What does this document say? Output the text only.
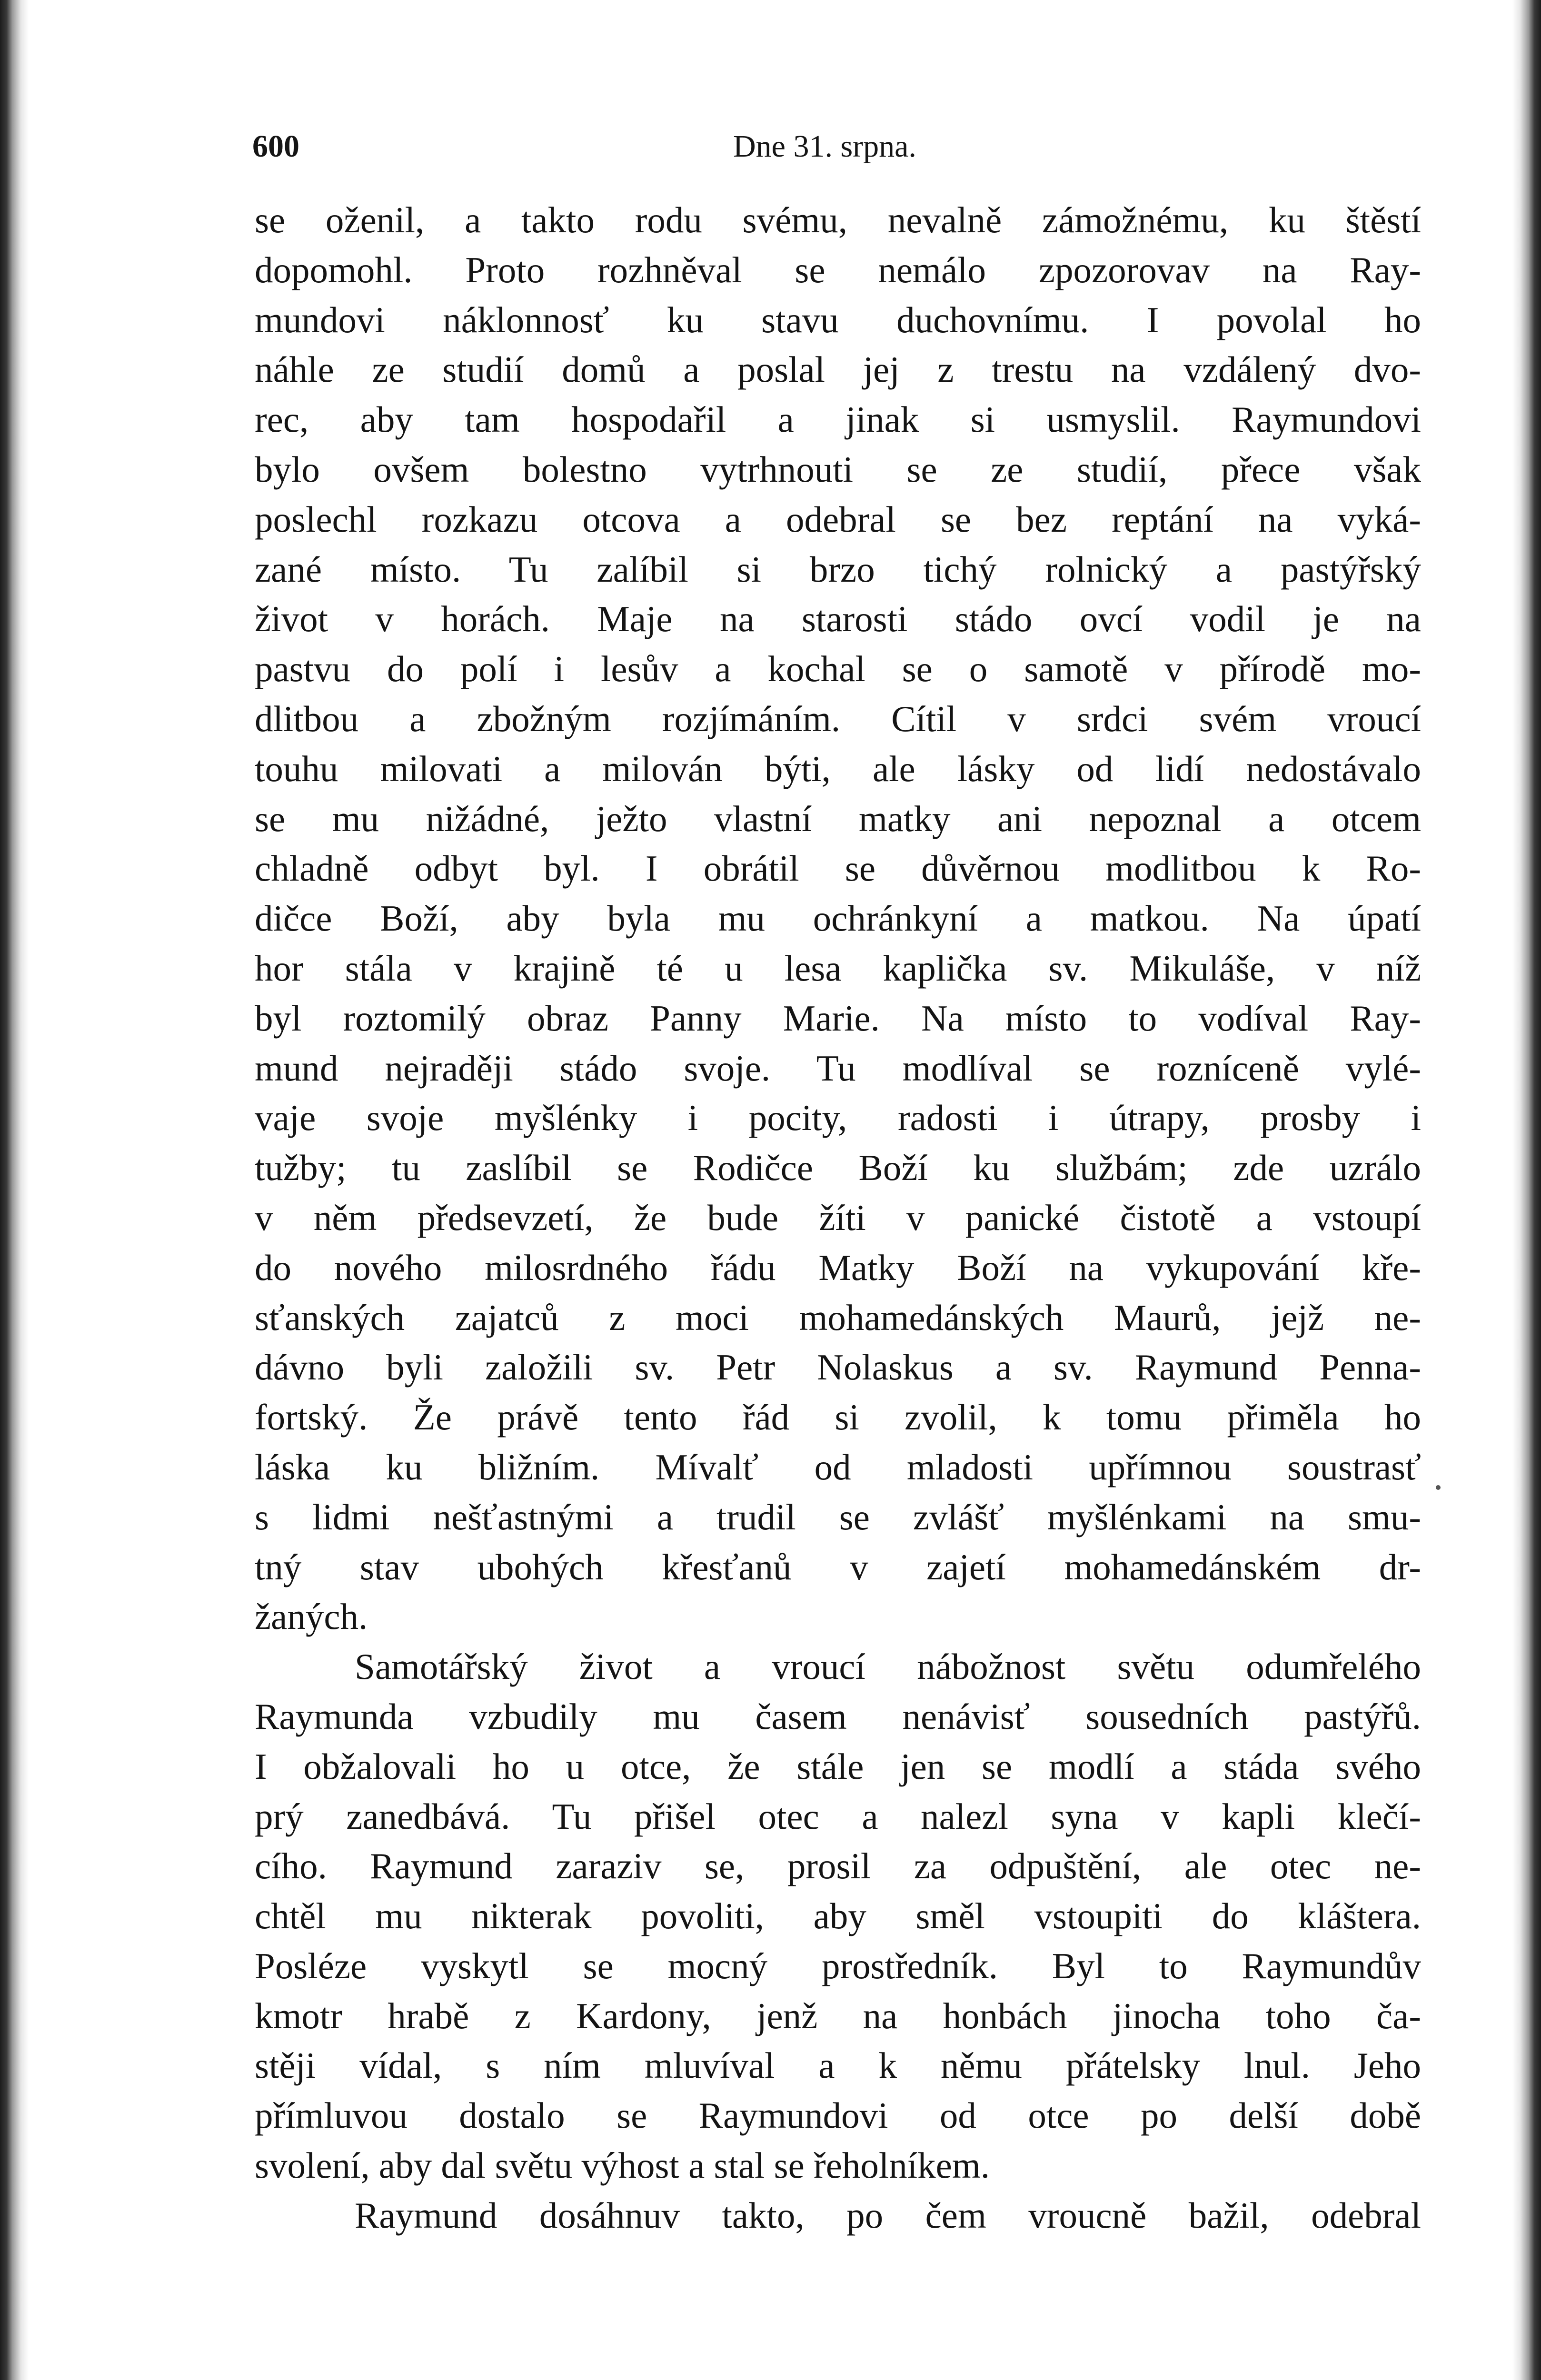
600	Dne 31. srpna.
se oženil, a takto rodu svému, nevalně zámožnému, ku štěstí
dopomohl. Proto rozhněval se nemálo zpozorovav na Ray-
mundovi náklonnosť ku stavu duchovnímu. I povolal ho
náhle ze studií domů a poslal jej z trestu na vzdálený dvo-
rec, aby tam hospodařil a jinak si usmyslil. Raymundovi
bylo ovšem bolestno vytrhnouti se ze studií, přece však
poslechl rozkazu otcova a odebral se bez reptání na vyká-
zané místo. Tu zalíbil si brzo tichý rolnický a pastýřský
život v horách. Maje na starosti stádo ovcí vodil je na
pastvu do polí i lesův a kochal se o samotě v přírodě mo-
dlitbou a zbožným rozjímáním. Cítil v srdci svém vroucí
touhu milovati a milován býti, ale lásky od lidí nedostávalo
se mu nižádné, ježto vlastní matky ani nepoznal a otcem
chladně odbyt byl. I obrátil se důvěrnou modlitbou k Ro-
dičce Boží, aby byla mu ochránkyní a matkou. Na úpatí
hor stála v krajině té u lesa kaplička sv. Mikuláše, v níž
byl roztomilý obraz Panny Marie. Na místo to vodíval Ray-
mund nejraději stádo svoje. Tu modlíval se rozníceně vylé-
vaje svoje myšlénky i pocity, radosti i útrapy, prosby i
tužby; tu zaslíbil se Rodičce Boží ku službám; zde uzrálo
v něm předsevzetí, že bude žíti v panické čistotě a vstoupí
do nového milosrdného řádu Matky Boží na vykupování kře-
sťanských zajatců z moci mohamedánských Maurů, jejž ne-
dávno byli založili sv. Petr Nolaskus a sv. Raymund Penna-
fortský. Že právě tento řád si zvolil, k tomu přiměla ho
láska ku bližním. Mívalť od mladosti upřímnou soustrasť
s lidmi nešťastnými a trudil se zvlášť myšlénkami na smu-
tný stav ubohých křesťanů v zajetí mohamedánském dr-
žaných.
Samotářský život a vroucí nábožnost světu odumřelého
Raymunda vzbudily mu časem nenávisť sousedních pastýřů.
I obžalovali ho u otce, že stále jen se modlí a stáda svého
prý zanedbává. Tu přišel otec a nalezl syna v kapli klečí-
cího. Raymund zaraziv se, prosil za odpuštění, ale otec ne-
chtěl mu nikterak povoliti, aby směl vstoupiti do kláštera.
Posléze vyskytl se mocný prostředník. Byl to Raymundův
kmotr hrabě z Kardony, jenž na honbách jinocha toho ča-
stěji vídal, s ním mluvíval a k němu přátelsky lnul. Jeho
přímluvou dostalo se Raymundovi od otce po delší době
svolení, aby dal světu výhost a stal se řeholníkem.
Raymund dosáhnuv takto, po čem vroucně bažil, odebral
